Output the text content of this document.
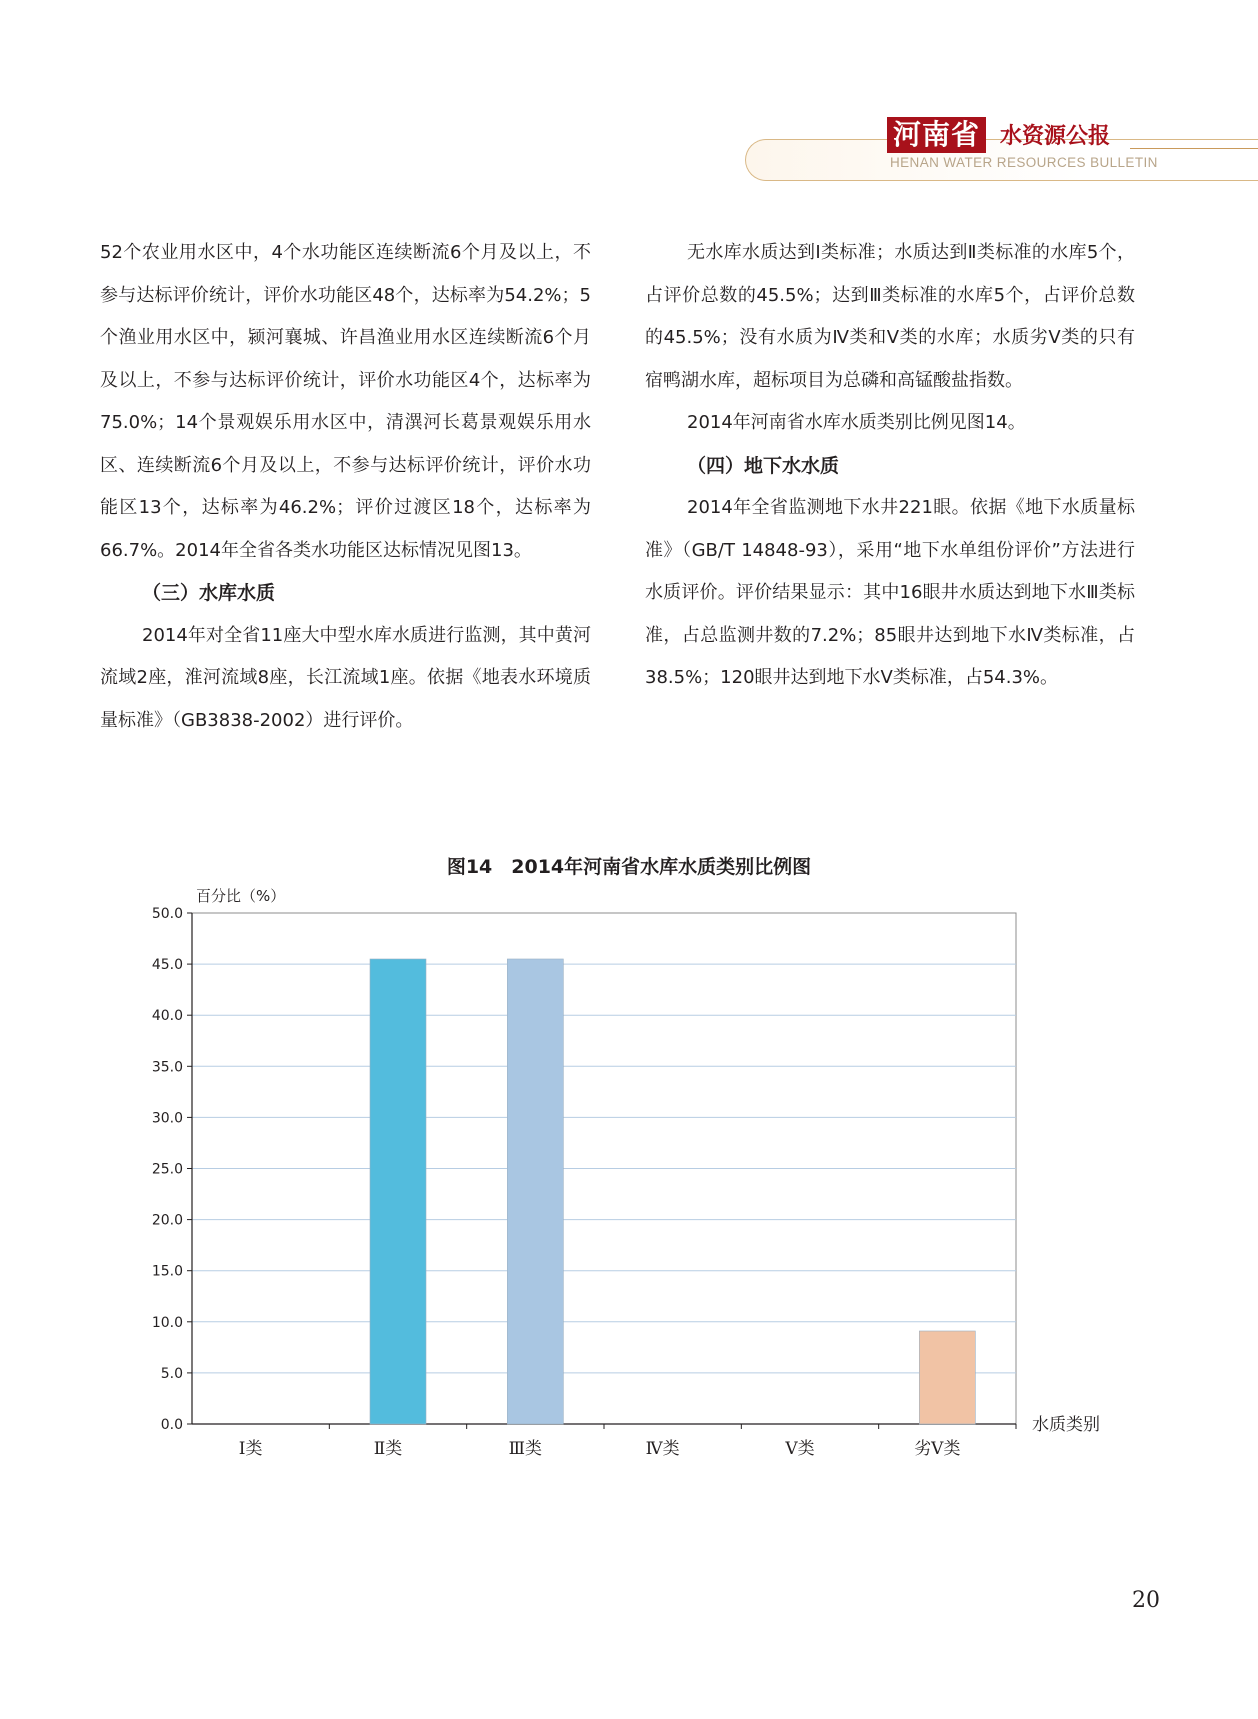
河南省 水资源公报
HENAN WATER RESOURCES BULLETIN

52个农业用水区中，4个水功能区连续断流6个月及以上，不参与达标评价统计，评价水功能区48个，达标率为54.2%；5个渔业用水区中，颍河襄城、许昌渔业用水区连续断流6个月及以上，不参与达标评价统计，评价水功能区4个，达标率为75.0%；14个景观娱乐用水区中，清潩河长葛景观娱乐用水区、连续断流6个月及以上，不参与达标评价统计，评价水功能区13个，达标率为46.2%；评价过渡区18个，达标率为66.7%。2014年全省各类水功能区达标情况见图13。

（三）水库水质

2014年对全省11座大中型水库水质进行监测，其中黄河流域2座，淮河流域8座，长江流域1座。依据《地表水环境质量标准》（GB3838-2002）进行评价。

无水库水质达到Ⅰ类标准；水质达到Ⅱ类标准的水库5个，占评价总数的45.5%；达到Ⅲ类标准的水库5个，占评价总数的45.5%；没有水质为Ⅳ类和Ⅴ类的水库；水质劣Ⅴ类的只有宿鸭湖水库，超标项目为总磷和高锰酸盐指数。

2014年河南省水库水质类别比例见图14。

（四）地下水水质

2014年全省监测地下水井221眼。依据《地下水质量标准》（GB/T 14848-93），采用“地下水单组份评价”方法进行水质评价。评价结果显示：其中16眼井水质达到地下水Ⅲ类标准，占总监测井数的7.2%；85眼井达到地下水Ⅳ类标准，占38.5%；120眼井达到地下水Ⅴ类标准，占54.3%。

图14　2014年河南省水库水质类别比例图
0.0
5.0
10.0
15.0
20.0
25.0
30.0
35.0
40.0
45.0
50.0
Ⅰ类	Ⅱ类	Ⅲ类	Ⅳ类	Ⅴ类	劣Ⅴ类
百分比（%）
水质类别
20
